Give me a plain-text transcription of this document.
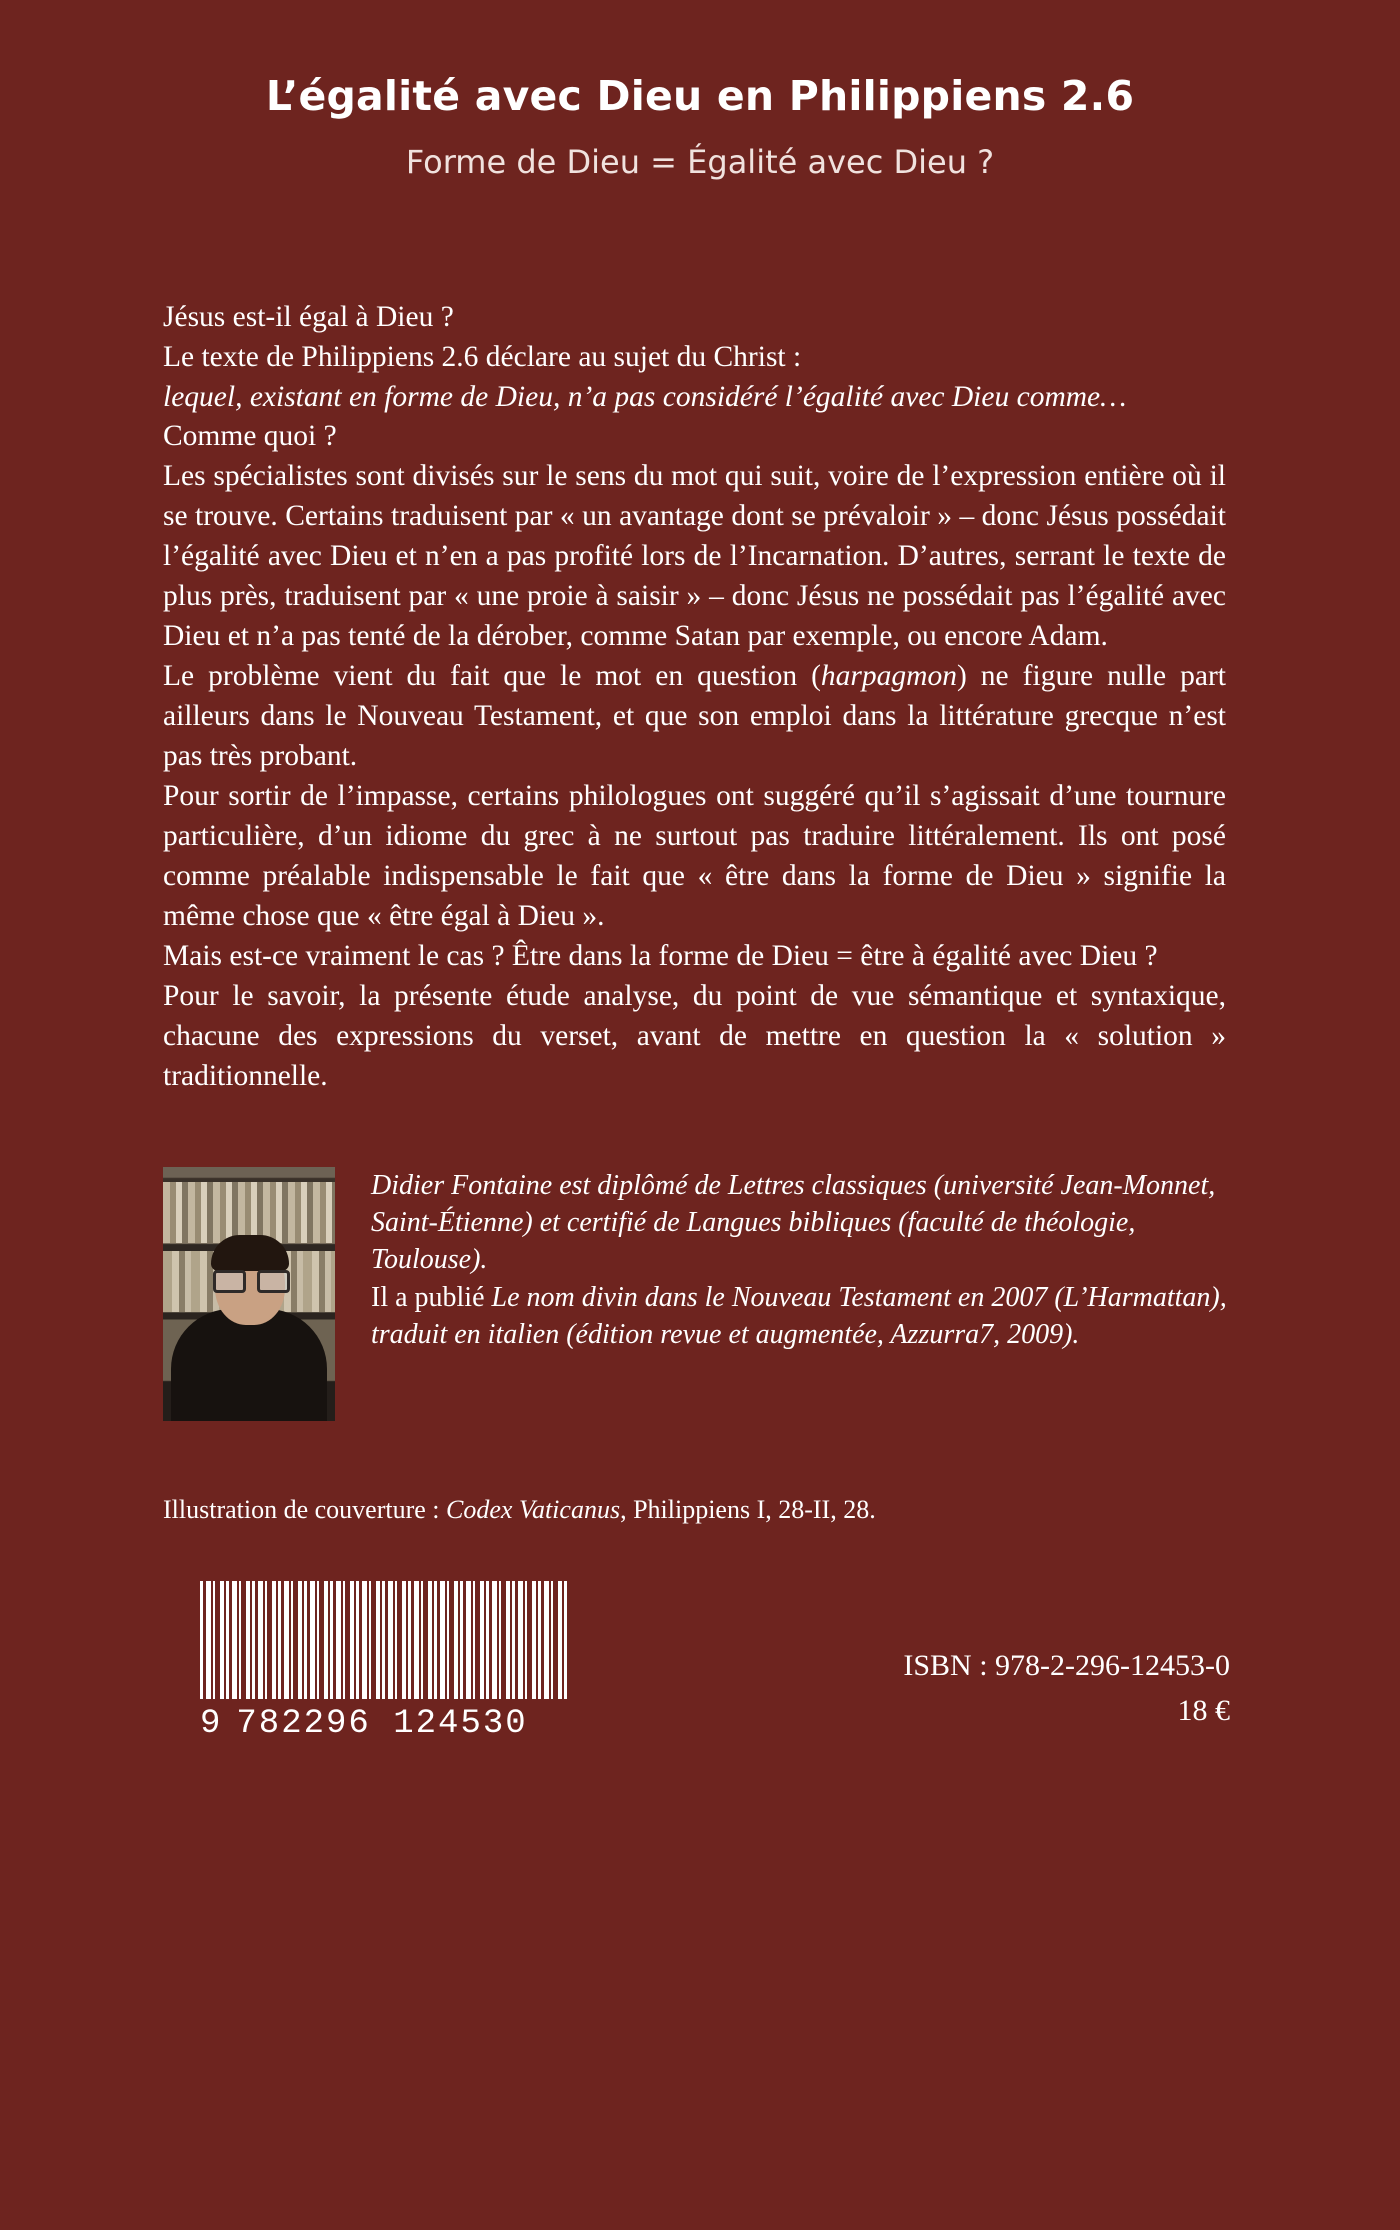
L’égalité avec Dieu en Philippiens 2.6
Forme de Dieu = Égalité avec Dieu ?

Jésus est-il égal à Dieu ?

Le texte de Philippiens 2.6 déclare au sujet du Christ :

lequel, existant en forme de Dieu, n’a pas considéré l’égalité avec Dieu comme…

Comme quoi ?

Les spécialistes sont divisés sur le sens du mot qui suit, voire de l’expression entière où il se trouve. Certains traduisent par « un avantage dont se prévaloir » – donc Jésus possédait l’égalité avec Dieu et n’en a pas profité lors de l’Incarnation. D’autres, serrant le texte de plus près, traduisent par « une proie à saisir » – donc Jésus ne possédait pas l’égalité avec Dieu et n’a pas tenté de la dérober, comme Satan par exemple, ou encore Adam.

Le problème vient du fait que le mot en question (harpagmon) ne figure nulle part ailleurs dans le Nouveau Testament, et que son emploi dans la littérature grecque n’est pas très probant.

Pour sortir de l’impasse, certains philologues ont suggéré qu’il s’agissait d’une tournure particulière, d’un idiome du grec à ne surtout pas traduire littéralement. Ils ont posé comme préalable indispensable le fait que « être dans la forme de Dieu » signifie la même chose que « être égal à Dieu ».

Mais est-ce vraiment le cas ? Être dans la forme de Dieu = être à égalité avec Dieu ?

Pour le savoir, la présente étude analyse, du point de vue sémantique et syntaxique, chacune des expressions du verset, avant de mettre en question la « solution » traditionnelle.

Didier Fontaine est diplômé de Lettres classiques (université Jean-Monnet, Saint-Étienne) et certifié de Langues bibliques (faculté de théologie, Toulouse).

Il a publié Le nom divin dans le Nouveau Testament en 2007 (L’Harmattan), traduit en italien (édition revue et augmentée, Azzurra7, 2009).

Illustration de couverture : Codex Vaticanus, Philippiens I, 28-II, 28.
9 782296 124530
ISBN : 978-2-296-12453-0
18 €
